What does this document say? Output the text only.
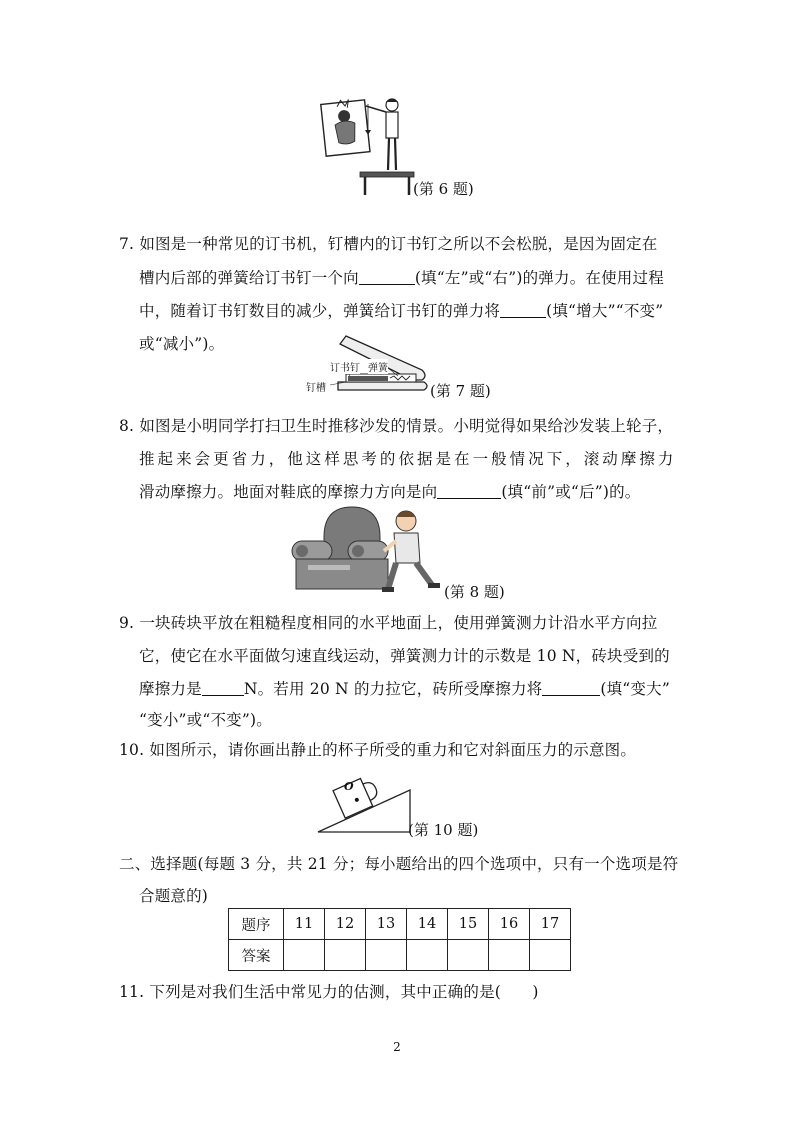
(第 6 题)
7. 如图是一种常见的订书机，钉槽内的订书钉之所以不会松脱，是因为固定在
槽内后部的弹簧给订书钉一个向	(填“左”或“右”)的弹力。在使用过程
中，随着订书钉数目的减少，弹簧给订书钉的弹力将	(填“增大”“不变”
或“减小”)。
订书钉 弹簧
钉槽	(第 7 题)
8. 如图是小明同学打扫卫生时推移沙发的情景。小明觉得如果给沙发装上轮子，
推 起 来 会 更 省 力 ， 他 这 样 思 考 的 依 据 是 在 一 般 情 况 下 ， 滚 动 摩 擦 力
滑动摩擦力。地面对鞋底的摩擦力方向是向	(填“前”或“后”)的。
(第 8 题)
9. 一块砖块平放在粗糙程度相同的水平地面上，使用弹簧测力计沿水平方向拉
它，使它在水平面做匀速直线运动，弹簧测力计的示数是 10 N，砖块受到的
摩擦力是	N。若用 20 N 的力拉它，砖所受摩擦力将	(填“变大”
“变小”或“不变”)。
10. 如图所示，请你画出静止的杯子所受的重力和它对斜面压力的示意图。
O
(第 10 题)
二、选择题(每题 3 分，共 21 分；每小题给出的四个选项中，只有一个选项是符
合题意的)
题序	11	12	13	14	15	16	17
答案							
11. 下列是对我们生活中常见力的估测，其中正确的是(　　)
2
